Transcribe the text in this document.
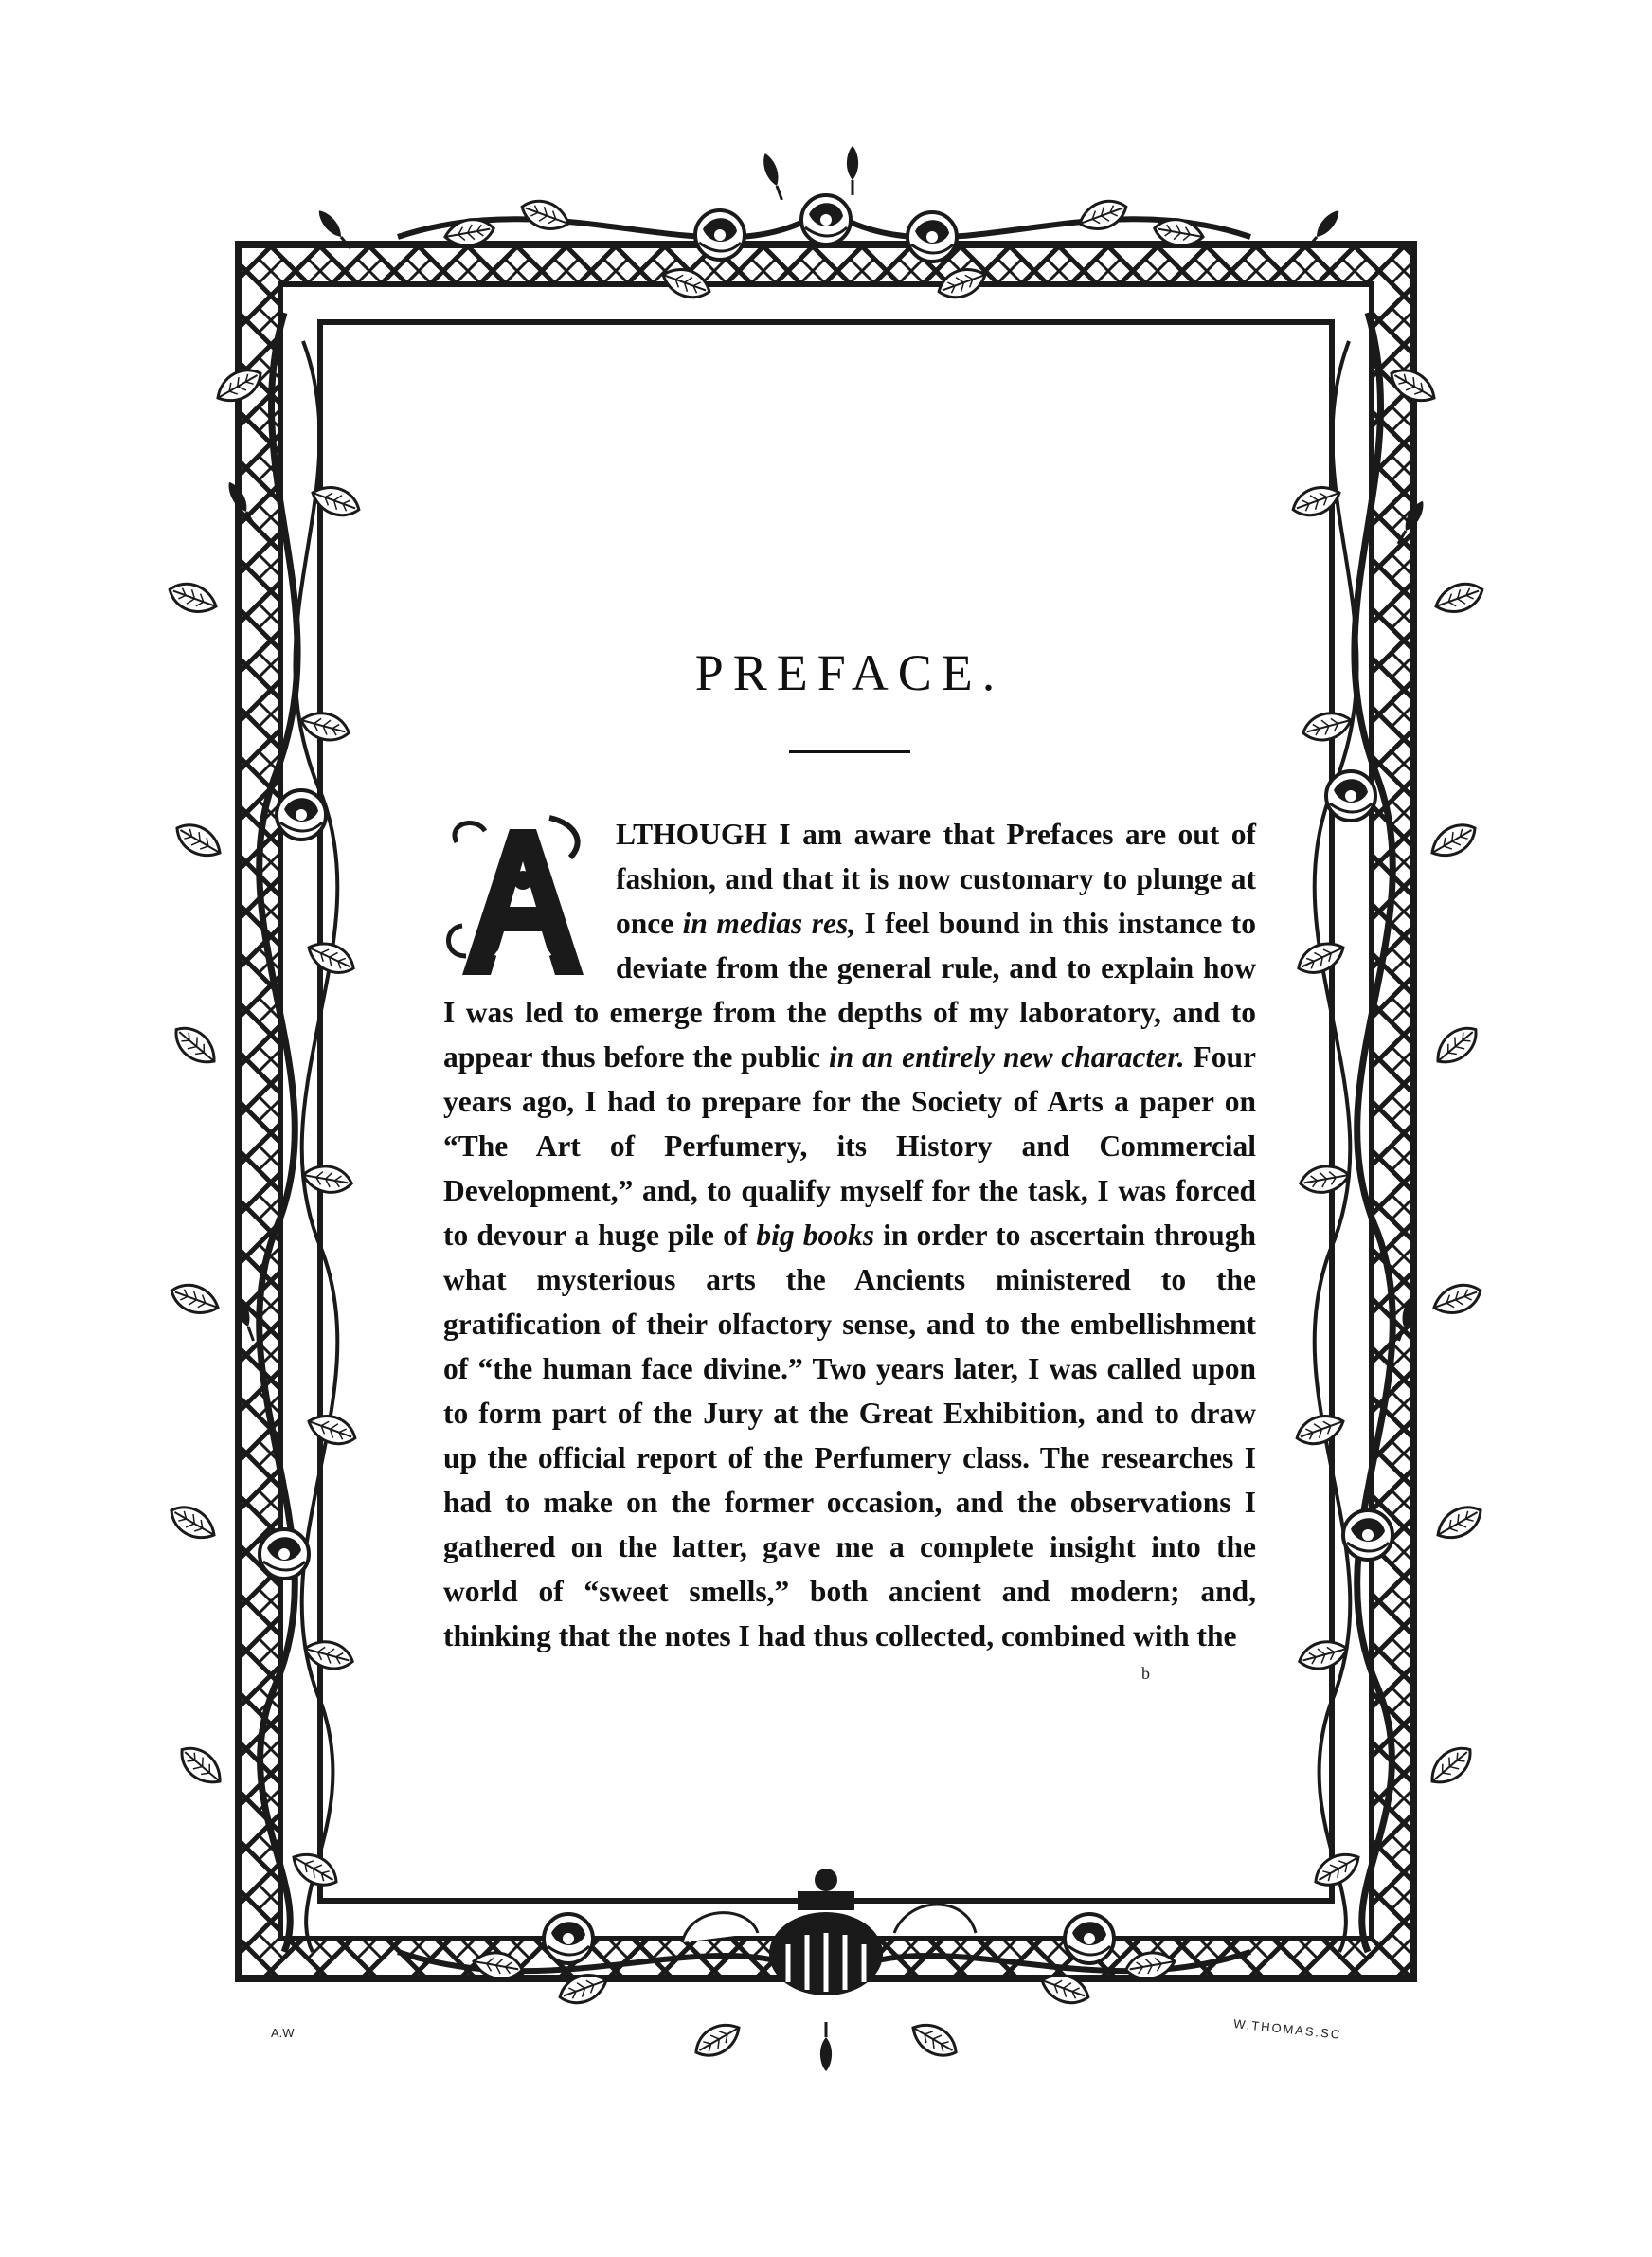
PREFACE.
A
LTHOUGH I am aware that Prefaces are out of fashion, and that it is now customary to plunge at once in medias res, I feel bound in this instance to deviate from the general rule, and to explain how I was led to emerge from the depths of my laboratory, and to appear thus before the public in an entirely new character. Four years ago, I had to prepare for the Society of Arts a paper on “The Art of Perfumery, its History and Commercial Development,” and, to qualify myself for the task, I was forced to devour a huge pile of big books in order to ascertain through what mysterious arts the Ancients ministered to the gratification of their olfactory sense, and to the embellishment of “the human face divine.” Two years later, I was called upon to form part of the Jury at the Great Exhibition, and to draw up the official report of the Perfumery class. The researches I had to make on the former occasion, and the observations I gathered on the latter, gave me a complete insight into the world of “sweet smells,” both ancient and modern; and, thinking that the notes I had thus collected, combined with the
b
A.W	W.THOMAS.SC
